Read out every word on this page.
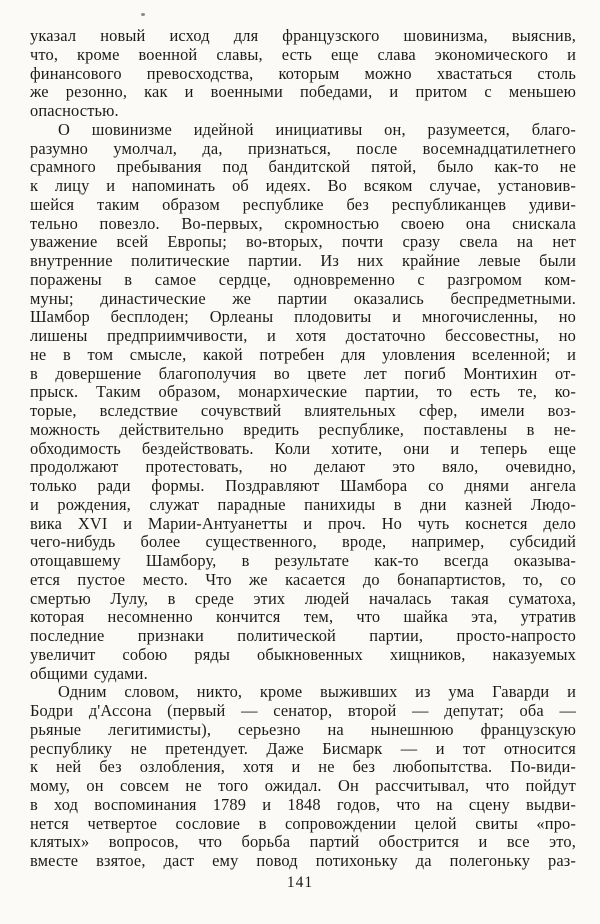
указал новый исход для французского шовинизма, выяснив,
что, кроме военной славы, есть еще слава экономического и
финансового превосходства, которым можно хвастаться столь
же резонно, как и военными победами, и притом с меньшею
опасностью.
О шовинизме идейной инициативы он, разумеется, благо-
разумно умолчал, да, признаться, после восемнадцатилетнего
срамного пребывания под бандитской пятой, было как-то не
к лицу и напоминать об идеях. Во всяком случае, установив-
шейся таким образом республике без республиканцев удиви-
тельно повезло. Во-первых, скромностью своею она снискала
уважение всей Европы; во-вторых, почти сразу свела на нет
внутренние политические партии. Из них крайние левые были
поражены в самое сердце, одновременно с разгромом ком-
муны; династические же партии оказались беспредметными.
Шамбор бесплоден; Орлеаны плодовиты и многочисленны, но
лишены предприимчивости, и хотя достаточно бессовестны, но
не в том смысле, какой потребен для уловления вселенной; и
в довершение благополучия во цвете лет погиб Монтихин от-
прыск. Таким образом, монархические партии, то есть те, ко-
торые, вследствие сочувствий влиятельных сфер, имели воз-
можность действительно вредить республике, поставлены в не-
обходимость бездействовать. Коли хотите, они и теперь еще
продолжают протестовать, но делают это вяло, очевидно,
только ради формы. Поздравляют Шамбора со днями ангела
и рождения, служат парадные панихиды в дни казней Людо-
вика XVI и Марии-Антуанетты и проч. Но чуть коснется дело
чего-нибудь более существенного, вроде, например, субсидий
отощавшему Шамбору, в результате как-то всегда оказыва-
ется пустое место. Что же касается до бонапартистов, то, со
смертью Лулу, в среде этих людей началась такая суматоха,
которая несомненно кончится тем, что шайка эта, утратив
последние признаки политической партии, просто-напросто
увеличит собою ряды обыкновенных хищников, наказуемых
общими судами.
Одним словом, никто, кроме выживших из ума Гаварди и
Бодри д'Ассона (первый — сенатор, второй — депутат; оба —
рьяные легитимисты), серьезно на нынешнюю французскую
республику не претендует. Даже Бисмарк — и тот относится
к ней без озлобления, хотя и не без любопытства. По-види-
мому, он совсем не того ожидал. Он рассчитывал, что пойдут
в ход воспоминания 1789 и 1848 годов, что на сцену выдви-
нется четвертое сословие в сопровождении целой свиты «про-
клятых» вопросов, что борьба партий обострится и все это,
вместе взятое, даст ему повод потихоньку да полегоньку раз-
141
